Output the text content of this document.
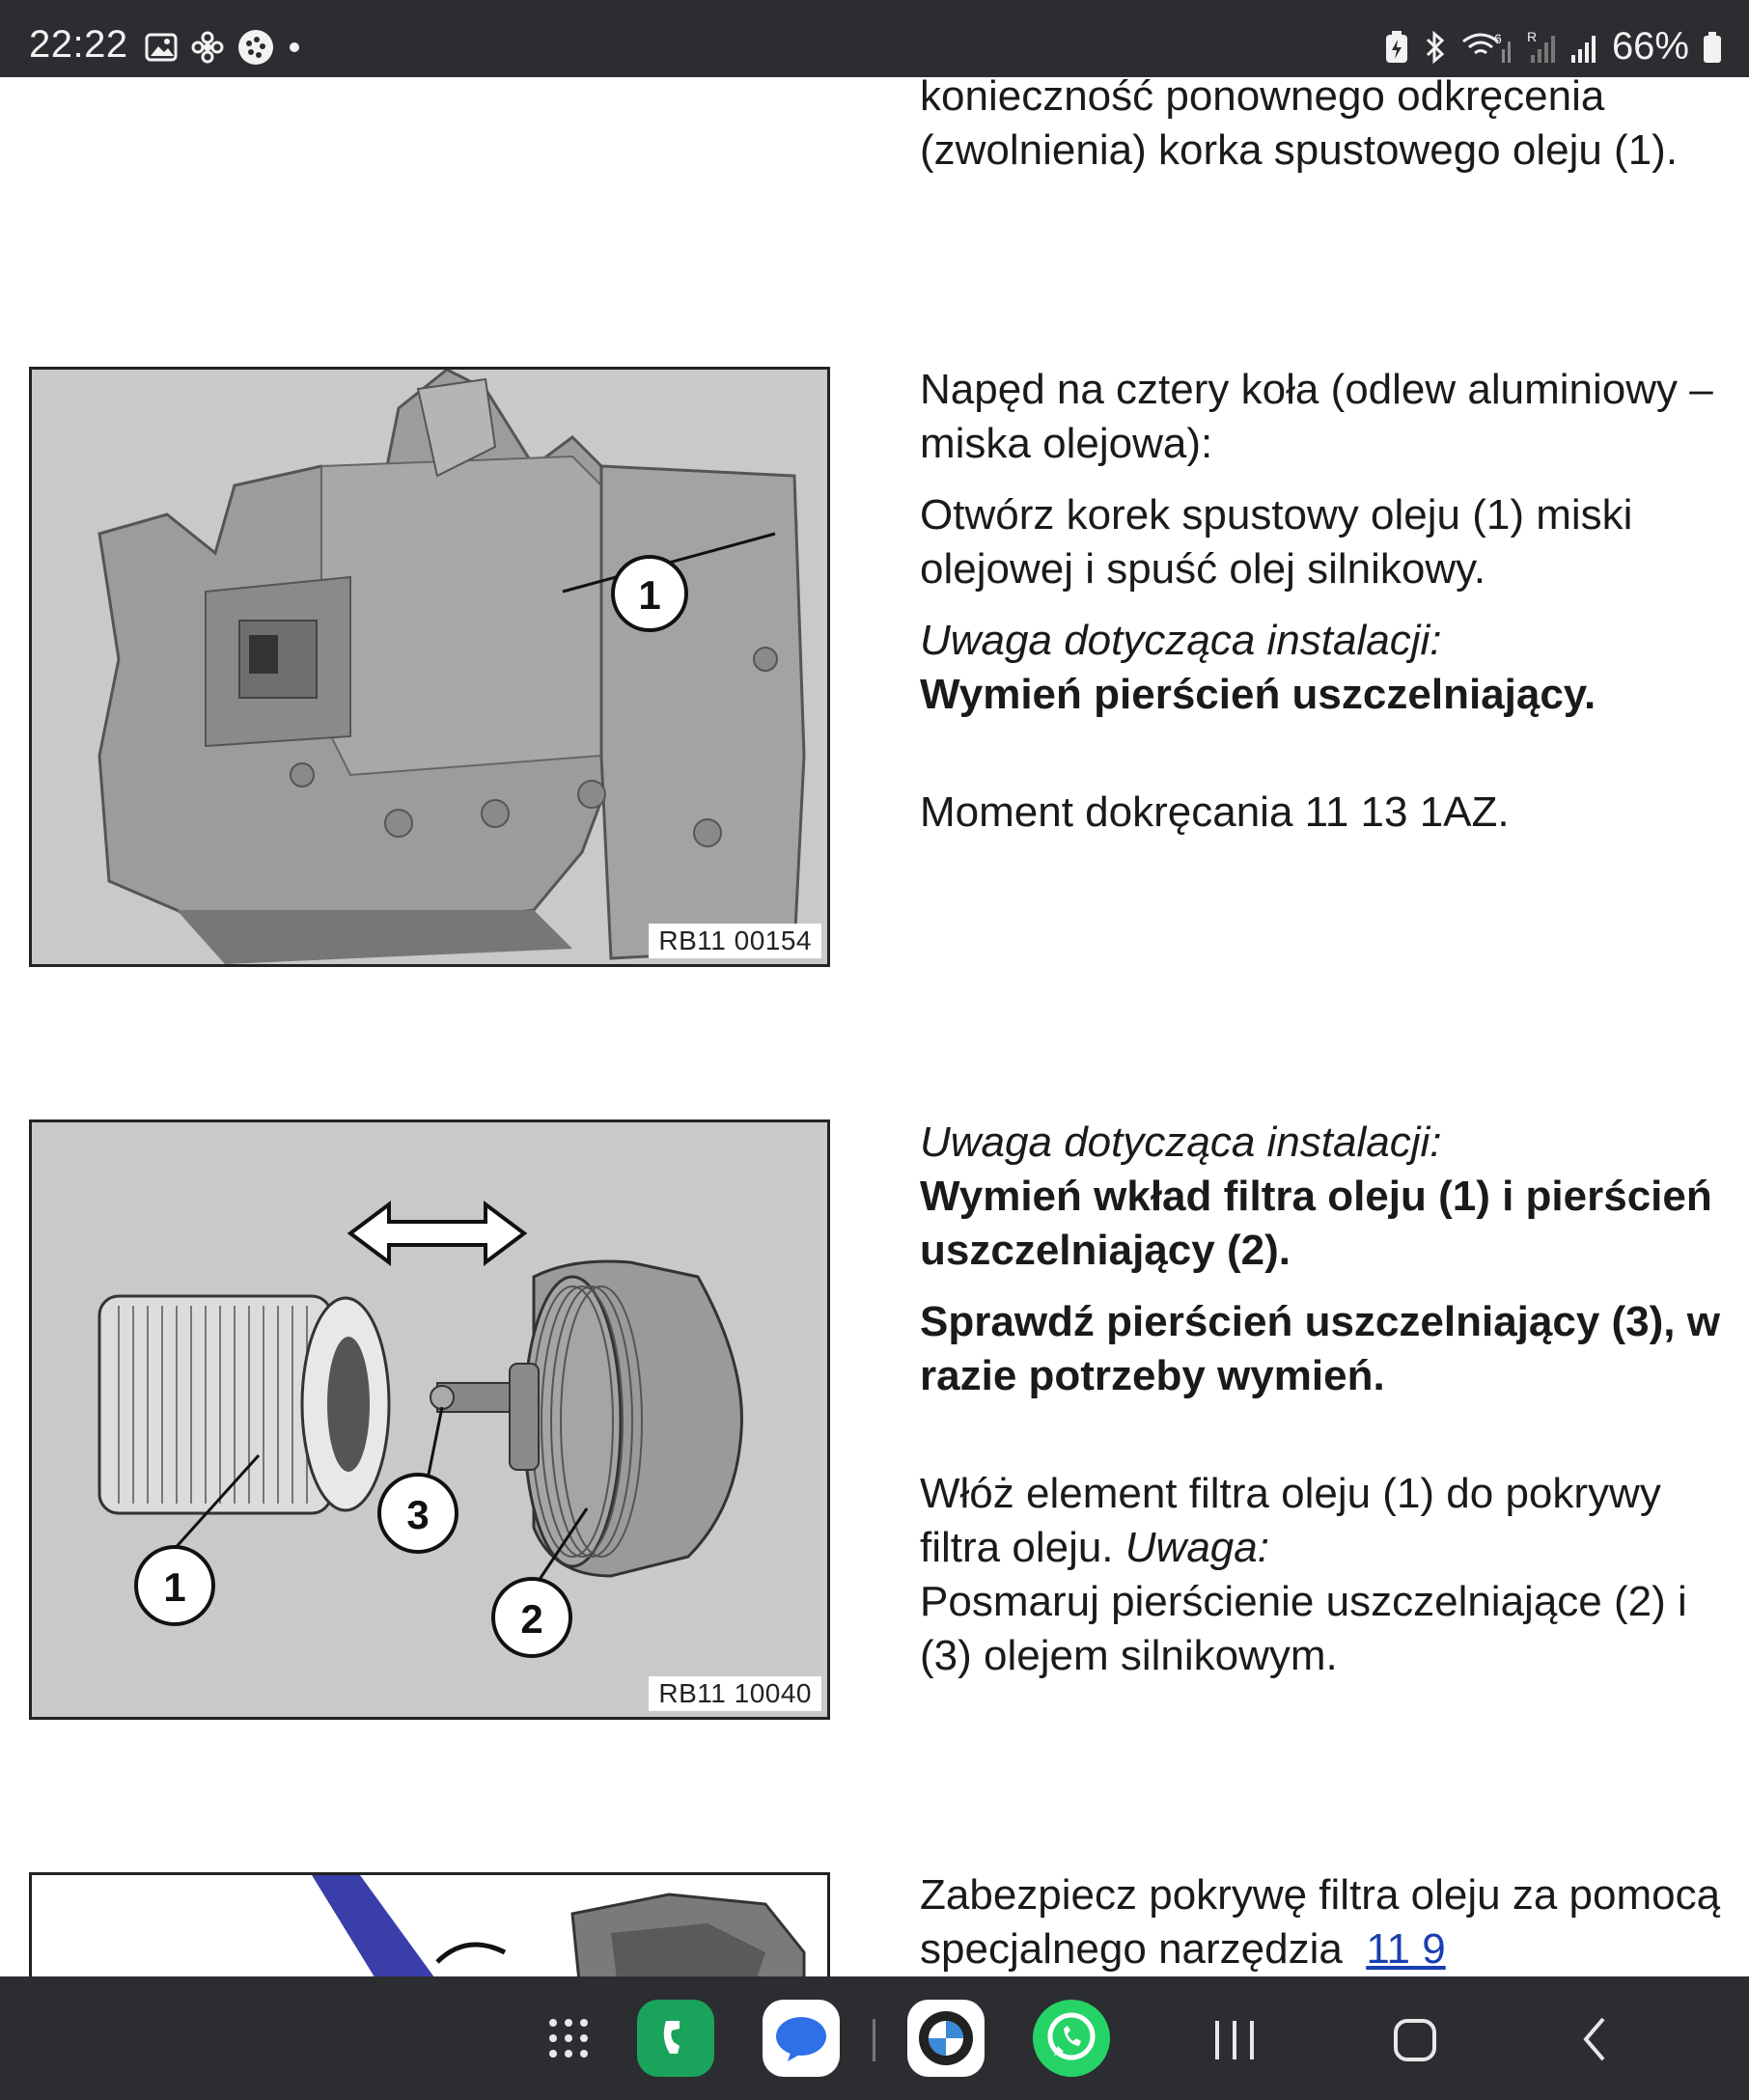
22:22	6 R 66%

konieczność ponownego odkręcenia (zwolnienia) korka spustowego oleju (1).

1
RB11 00154

Napęd na cztery koła (odlew aluminiowy – miska olejowa):

Otwórz korek spustowy oleju (1) miski olejowej i spuść olej silnikowy.

Uwaga dotycząca instalacji:

Wymień pierścień uszczelniający.

Moment dokręcania 11 13 1AZ.

1
2
3
RB11 10040

Uwaga dotycząca instalacji:

Wymień wkład filtra oleju (1) i pierścień uszczelniający (2).

Sprawdź pierścień uszczelniający (3), w razie potrzeby wymień.

Włóż element filtra oleju (1) do pokrywy filtra oleju. Uwaga:
Posmaruj pierścienie uszczelniające (2) i (3) olejem silnikowym.

Zabezpiecz pokrywę filtra oleju za pomocą specjalnego narzędzia 11 9
